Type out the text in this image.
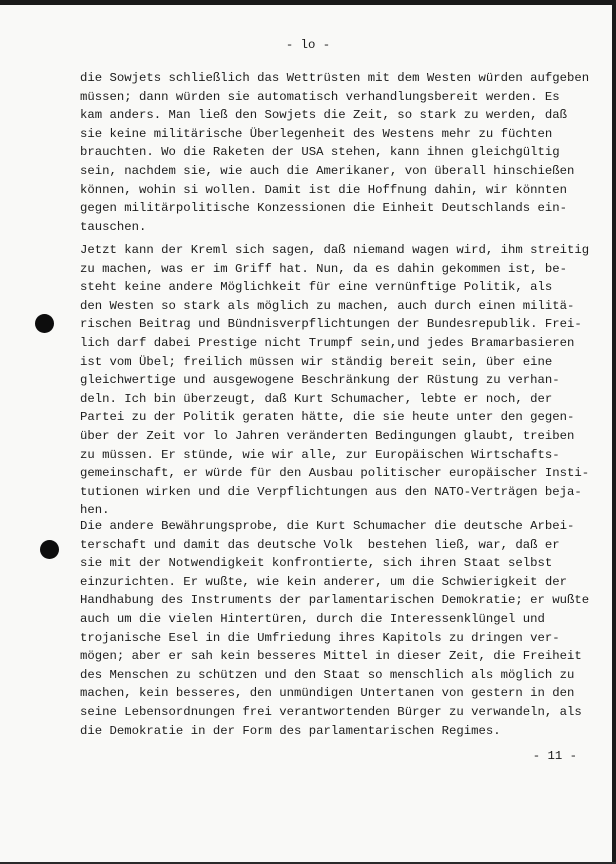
- lo -
die Sowjets schließlich das Wettrüsten mit dem Westen würden aufgeben
müssen; dann würden sie automatisch verhandlungsbereit werden. Es
kam anders. Man ließ den Sowjets die Zeit, so stark zu werden, daß
sie keine militärische Überlegenheit des Westens mehr zu füchten
brauchten. Wo die Raketen der USA stehen, kann ihnen gleichgültig
sein, nachdem sie, wie auch die Amerikaner, von überall hinschießen
können, wohin si wollen. Damit ist die Hoffnung dahin, wir könnten
gegen militärpolitische Konzessionen die Einheit Deutschlands ein-
tauschen.
Jetzt kann der Kreml sich sagen, daß niemand wagen wird, ihm streitig
zu machen, was er im Griff hat. Nun, da es dahin gekommen ist, be-
steht keine andere Möglichkeit für eine vernünftige Politik, als
den Westen so stark als möglich zu machen, auch durch einen militä-
rischen Beitrag und Bündnisverpflichtungen der Bundesrepublik. Frei-
lich darf dabei Prestige nicht Trumpf sein,und jedes Bramarbasieren
ist vom Übel; freilich müssen wir ständig bereit sein, über eine
gleichwertige und ausgewogene Beschränkung der Rüstung zu verhan-
deln. Ich bin überzeugt, daß Kurt Schumacher, lebte er noch, der
Partei zu der Politik geraten hätte, die sie heute unter den gegen-
über der Zeit vor lo Jahren veränderten Bedingungen glaubt, treiben
zu müssen. Er stünde, wie wir alle, zur Europäischen Wirtschafts-
gemeinschaft, er würde für den Ausbau politischer europäischer Insti-
tutionen wirken und die Verpflichtungen aus den NATO-Verträgen beja-
hen.
Die andere Bewährungsprobe, die Kurt Schumacher die deutsche Arbei-
terschaft und damit das deutsche Volk  bestehen ließ, war, daß er
sie mit der Notwendigkeit konfrontierte, sich ihren Staat selbst
einzurichten. Er wußte, wie kein anderer, um die Schwierigkeit der
Handhabung des Instruments der parlamentarischen Demokratie; er wußte
auch um die vielen Hintertüren, durch die Interessenklüngel und
trojanische Esel in die Umfriedung ihres Kapitols zu dringen ver-
mögen; aber er sah kein besseres Mittel in dieser Zeit, die Freiheit
des Menschen zu schützen und den Staat so menschlich als möglich zu
machen, kein besseres, den unmündigen Untertanen von gestern in den
seine Lebensordnungen frei verantwortenden Bürger zu verwandeln, als
die Demokratie in der Form des parlamentarischen Regimes.
- 11 -
